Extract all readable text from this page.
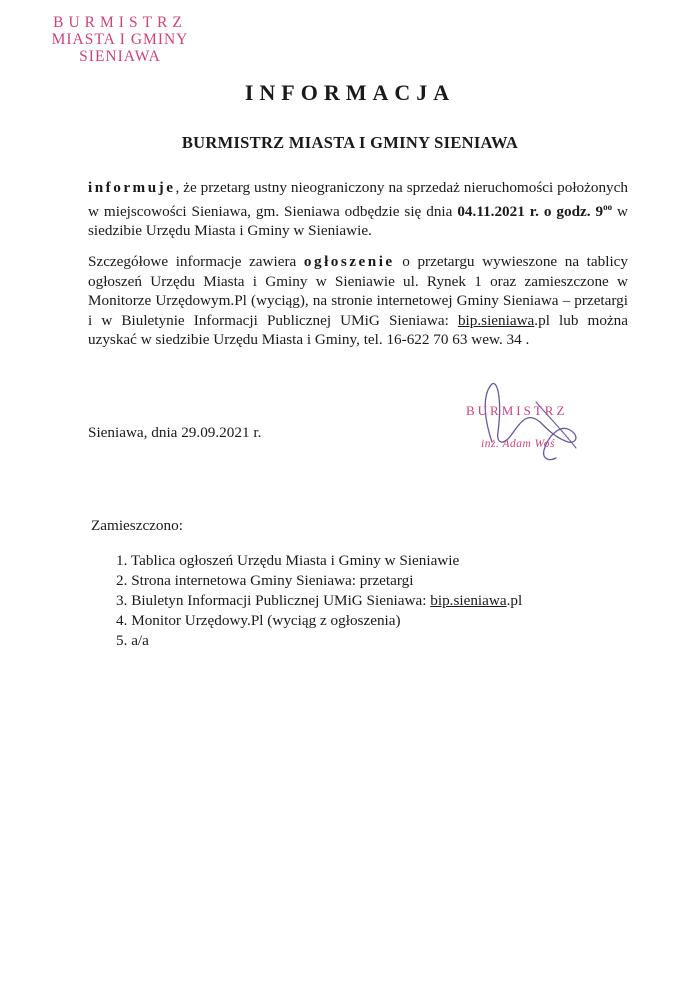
BURMISTRZ
MIASTA I GMINY
SIENIAWA
INFORMACJA
BURMISTRZ MIASTA I GMINY SIENIAWA

informuje, że przetarg ustny nieograniczony na sprzedaż nieruchomości położonych w miejscowości Sieniawa, gm. Sieniawa odbędzie się dnia 04.11.2021 r. o godz. $9^{oo}$ w siedzibie Urzędu Miasta i Gminy w Sieniawie.

Szczegółowe informacje zawiera ogłoszenie o przetargu wywieszone na tablicy ogłoszeń Urzędu Miasta i Gminy w Sieniawie ul. Rynek 1 oraz zamieszczone w Monitorze Urzędowym.Pl (wyciąg), na stronie internetowej Gminy Sieniawa – przetargi i w Biuletynie Informacji Publicznej UMiG Sieniawa: bip.sieniawa.pl lub można uzyskać w siedzibie Urzędu Miasta i Gminy, tel. 16-622 70 63 wew. 34 .

Sieniawa, dnia 29.09.2021 r.
BURMISTRZ
inż. Adam Woś
Zamieszczono:
1. Tablica ogłoszeń Urzędu Miasta i Gminy w Sieniawie
2. Strona internetowa Gminy Sieniawa: przetargi
3. Biuletyn Informacji Publicznej UMiG Sieniawa: bip.sieniawa.pl
4. Monitor Urzędowy.Pl (wyciąg z ogłoszenia)
5. a/a
